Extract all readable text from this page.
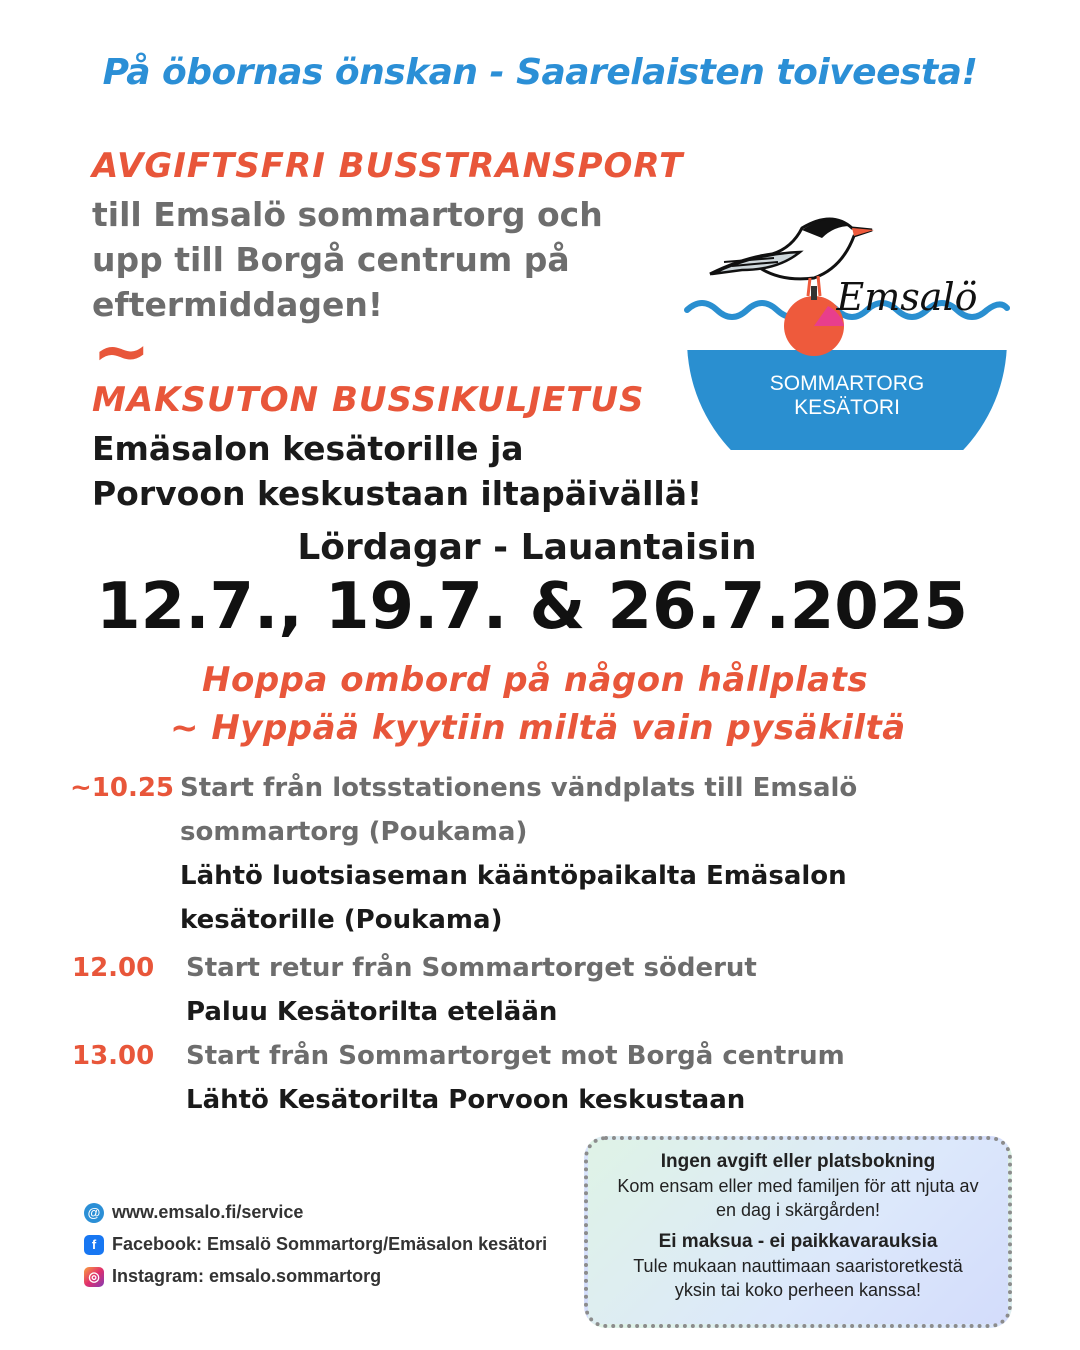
På öbornas önskan - Saarelaisten toiveesta!
AVGIFTSFRI BUSSTRANSPORT
till Emsalö sommartorg och
upp till Borgå centrum på
eftermiddagen!
~
MAKSUTON BUSSIKULJETUS
Emäsalon kesätorille ja
Porvoon keskustaan iltapäivällä!
Emsalö
SOMMARTORG
KESÄTORI
Lördagar - Lauantaisin
12.7., 19.7. & 26.7.2025
Hoppa ombord på någon hållplats
~ Hyppää kyytiin miltä vain pysäkiltä
~10.25 Start från lotsstationens vändplats till Emsalö
sommartorg (Poukama)
Lähtö luotsiaseman kääntöpaikalta Emäsalon
kesätorille (Poukama)
12.00	Start retur från Sommartorget söderut
Paluu Kesätorilta etelään
13.00	Start från Sommartorget mot Borgå centrum
Lähtö Kesätorilta Porvoon keskustaan
@ www.emsalo.fi/service
f Facebook: Emsalö Sommartorg/Emäsalon kesätori
◎ Instagram: emsalo.sommartorg
Ingen avgift eller platsbokning
Kom ensam eller med familjen för att njuta av
en dag i skärgården!
Ei maksua - ei paikkavarauksia
Tule mukaan nauttimaan saaristoretkestä
yksin tai koko perheen kanssa!
